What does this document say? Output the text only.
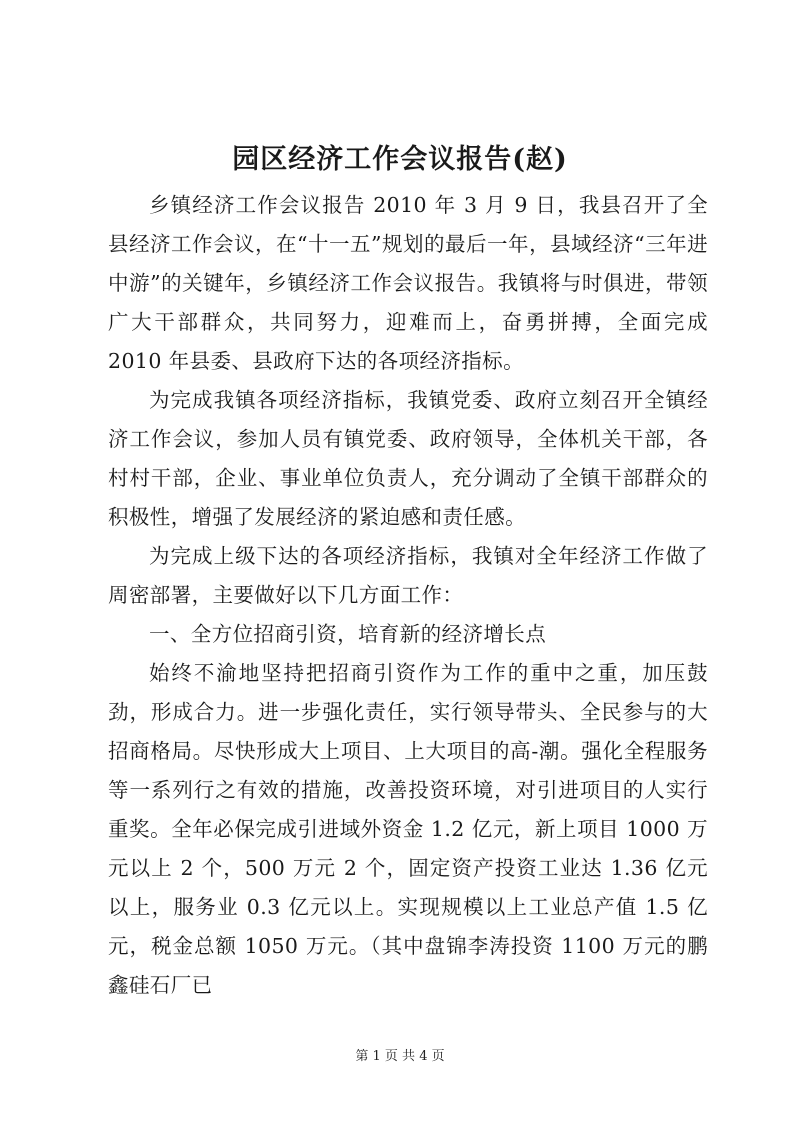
园区经济工作会议报告(赵)

乡镇经济工作会议报告 2010 年 3 月 9 日，我县召开了全县经济工作会议，在“十一五”规划的最后一年，县域经济“三年进中游”的关键年，乡镇经济工作会议报告。我镇将与时俱进，带领广大干部群众，共同努力，迎难而上，奋勇拼搏，全面完成 2010 年县委、县政府下达的各项经济指标。

为完成我镇各项经济指标，我镇党委、政府立刻召开全镇经济工作会议，参加人员有镇党委、政府领导，全体机关干部，各村村干部，企业、事业单位负责人，充分调动了全镇干部群众的积极性，增强了发展经济的紧迫感和责任感。

为完成上级下达的各项经济指标，我镇对全年经济工作做了周密部署，主要做好以下几方面工作：

一、全方位招商引资，培育新的经济增长点

始终不渝地坚持把招商引资作为工作的重中之重，加压鼓劲，形成合力。进一步强化责任，实行领导带头、全民参与的大招商格局。尽快形成大上项目、上大项目的高-潮。强化全程服务等一系列行之有效的措施，改善投资环境，对引进项目的人实行重奖。全年必保完成引进域外资金 1.2 亿元，新上项目 1000 万元以上 2 个，500 万元 2 个，固定资产投资工业达 1.36 亿元以上，服务业 0.3 亿元以上。实现规模以上工业总产值 1.5 亿元，税金总额 1050 万元。（其中盘锦李涛投资 1100 万元的鹏鑫硅石厂已

第 1 页 共 4 页
